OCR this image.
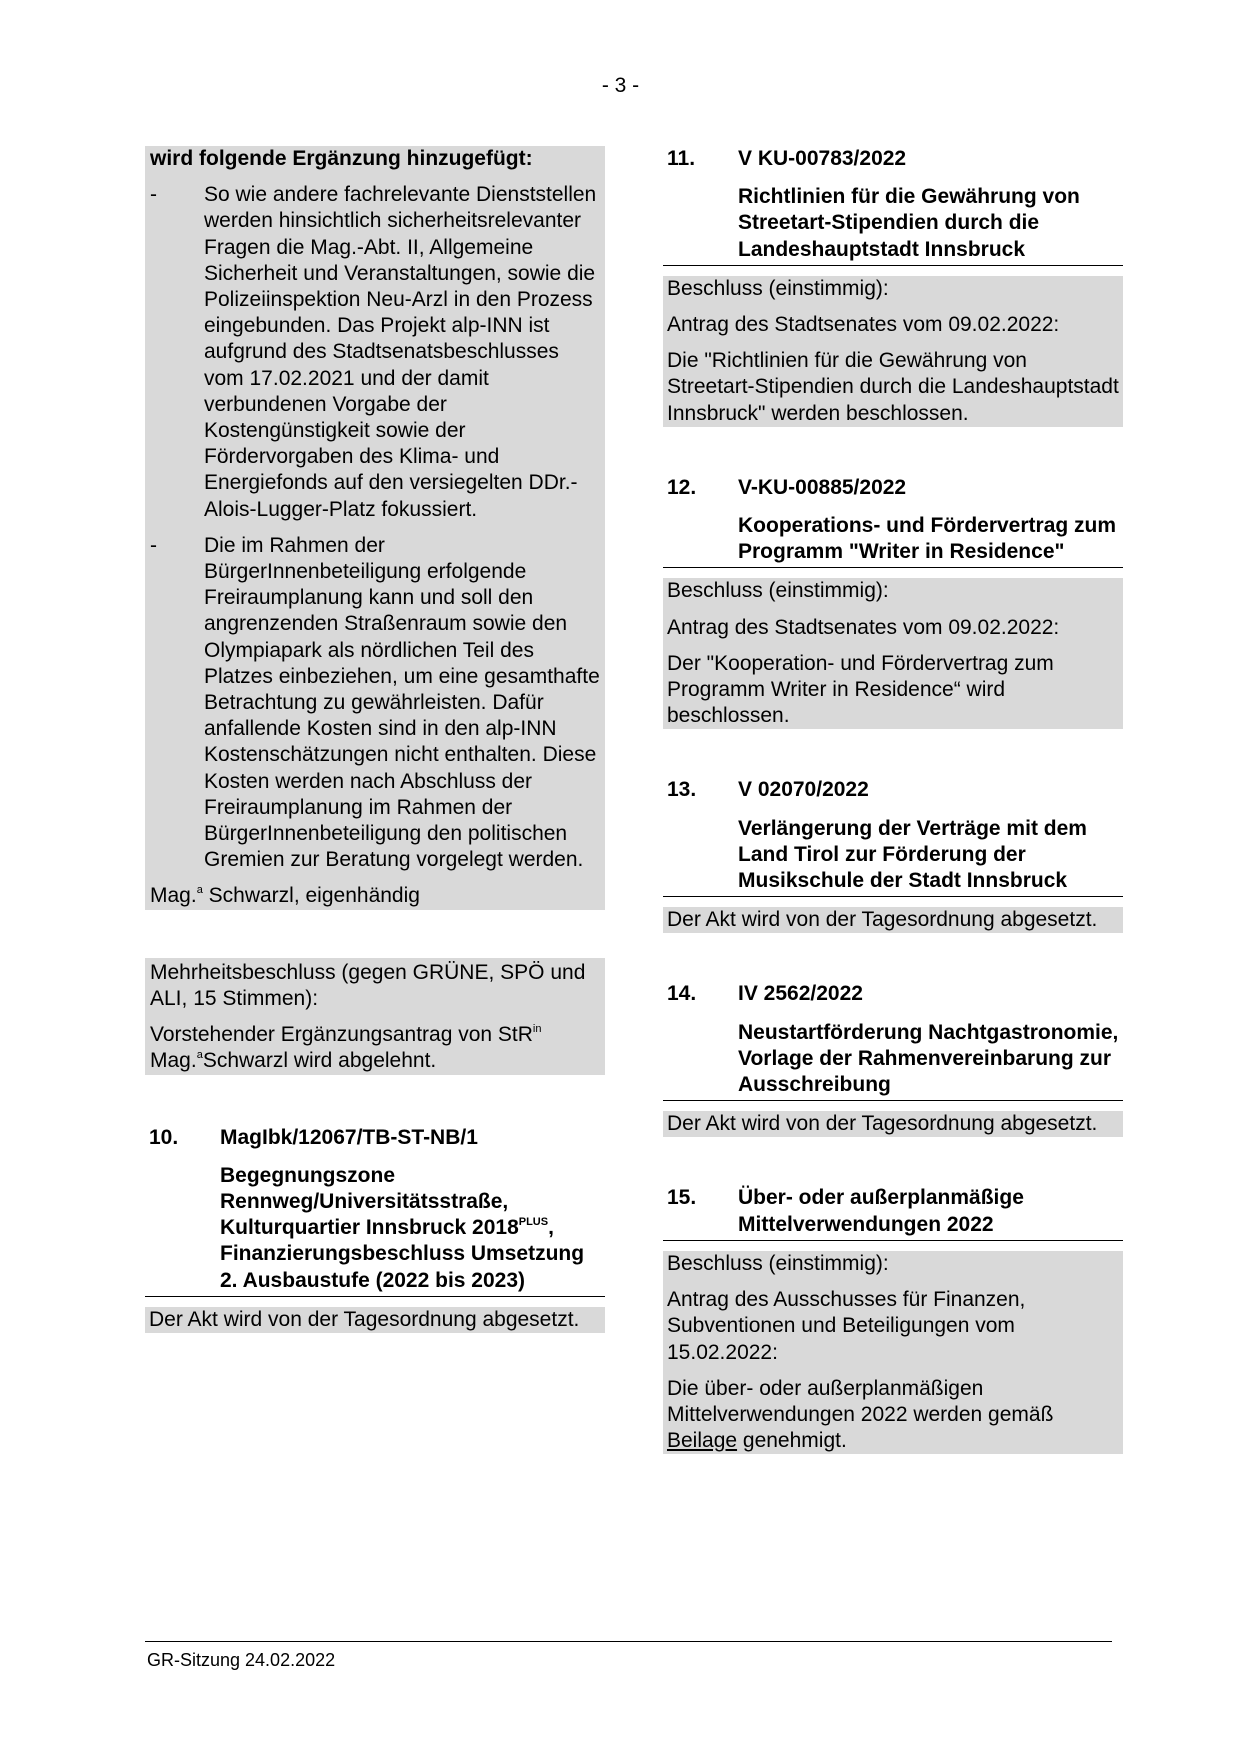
- 3 -
wird folgende Ergänzung hinzugefügt:
-	So wie andere fachrelevante Dienststellen werden hinsichtlich sicherheitsrelevanter Fragen die Mag.-Abt. II, Allgemeine Sicherheit und Veranstaltungen, sowie die Polizeiinspektion Neu-Arzl in den Prozess eingebunden. Das Projekt alp-INN ist aufgrund des Stadtsenatsbeschlusses vom 17.02.2021 und der damit verbundenen Vorgabe der Kostengünstigkeit sowie der Fördervorgaben des Klima- und Energiefonds auf den versiegelten DDr.-Alois-Lugger-Platz fokussiert.
-	Die im Rahmen der BürgerInnenbeteiligung erfolgende Freiraumplanung kann und soll den angrenzenden Straßenraum sowie den Olympiapark als nördlichen Teil des Platzes einbeziehen, um eine gesamthafte Betrachtung zu gewährleisten. Dafür anfallende Kosten sind in den alp-INN Kostenschätzungen nicht enthalten. Diese Kosten werden nach Abschluss der Freiraumplanung im Rahmen der BürgerInnenbeteiligung den politischen Gremien zur Beratung vorgelegt werden.
Mag.$^a$ Schwarzl, eigenhändig
Mehrheitsbeschluss (gegen GRÜNE, SPÖ und ALI, 15 Stimmen):
Vorstehender Ergänzungsantrag von StR$^{in}$ Mag.$^a$Schwarzl wird abgelehnt.
10.	MagIbk/12067/TB-ST-NB/1
Begegnungszone Rennweg/Universitätsstraße, Kulturquartier Innsbruck $2018^{PLUS}$, Finanzierungsbeschluss Umsetzung 2. Ausbaustufe (2022 bis 2023)

Der Akt wird von der Tagesordnung abgesetzt.

11.	V KU-00783/2022
Richtlinien für die Gewährung von Streetart-Stipendien durch die Landeshauptstadt Innsbruck

Beschluss (einstimmig):

Antrag des Stadtsenates vom 09.02.2022:

Die "Richtlinien für die Gewährung von Streetart-Stipendien durch die Landeshauptstadt Innsbruck" werden beschlossen.

12.	V-KU-00885/2022
Kooperations- und Fördervertrag zum Programm "Writer in Residence"

Beschluss (einstimmig):

Antrag des Stadtsenates vom 09.02.2022:

Der "Kooperation- und Fördervertrag zum Programm Writer in Residence“ wird beschlossen.

13.	V 02070/2022
Verlängerung der Verträge mit dem Land Tirol zur Förderung der Musikschule der Stadt Innsbruck

Der Akt wird von der Tagesordnung abgesetzt.

14.	IV 2562/2022
Neustartförderung Nachtgastronomie, Vorlage der Rahmenvereinbarung zur Ausschreibung

Der Akt wird von der Tagesordnung abgesetzt.

15.	Über- oder außerplanmäßige Mittelverwendungen 2022

Beschluss (einstimmig):

Antrag des Ausschusses für Finanzen, Subventionen und Beteiligungen vom 15.02.2022:

Die über- oder außerplanmäßigen Mittelverwendungen 2022 werden gemäß Beilage genehmigt.

GR-Sitzung 24.02.2022
